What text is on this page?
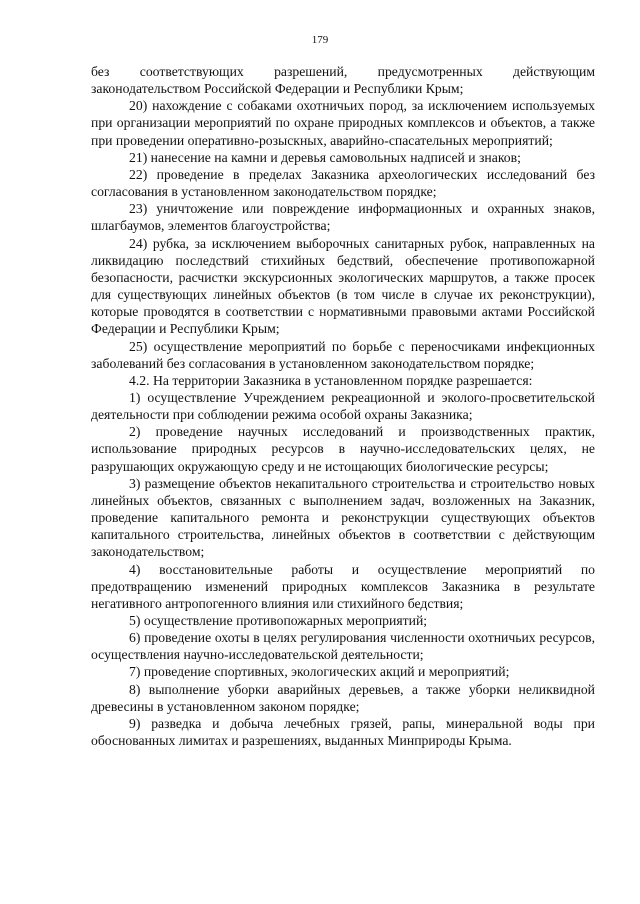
179

без соответствующих разрешений, предусмотренных действующим законодательством Российской Федерации и Республики Крым;

20) нахождение с собаками охотничьих пород, за исключением используемых при организации мероприятий по охране природных комплексов и объектов, а также при проведении оперативно-розыскных, аварийно-спасательных мероприятий;

21) нанесение на камни и деревья самовольных надписей и знаков;

22) проведение в пределах Заказника археологических исследований без согласования в установленном законодательством порядке;

23) уничтожение или повреждение информационных и охранных знаков, шлагбаумов, элементов благоустройства;

24) рубка, за исключением выборочных санитарных рубок, направленных на ликвидацию последствий стихийных бедствий, обеспечение противопожарной безопасности, расчистки экскурсионных экологических маршрутов, а также просек для существующих линейных объектов (в том числе в случае их реконструкции), которые проводятся в соответствии с нормативными правовыми актами Российской Федерации и Республики Крым;

25) осуществление мероприятий по борьбе с переносчиками инфекционных заболеваний без согласования в установленном законодательством порядке;

4.2. На территории Заказника в установленном порядке разрешается:

1) осуществление Учреждением рекреационной и эколого-просветительской деятельности при соблюдении режима особой охраны Заказника;

2) проведение научных исследований и производственных практик, использование природных ресурсов в научно-исследовательских целях, не разрушающих окружающую среду и не истощающих биологические ресурсы;

3) размещение объектов некапитального строительства и строительство новых линейных объектов, связанных с выполнением задач, возложенных на Заказник, проведение капитального ремонта и реконструкции существующих объектов капитального строительства, линейных объектов в соответствии с действующим законодательством;

4) восстановительные работы и осуществление мероприятий по предотвращению изменений природных комплексов Заказника в результате негативного антропогенного влияния или стихийного бедствия;

5) осуществление противопожарных мероприятий;

6) проведение охоты в целях регулирования численности охотничьих ресурсов, осуществления научно-исследовательской деятельности;

7) проведение спортивных, экологических акций и мероприятий;

8) выполнение уборки аварийных деревьев, а также уборки неликвидной древесины в установленном законом порядке;

9) разведка и добыча лечебных грязей, рапы, минеральной воды при обоснованных лимитах и разрешениях, выданных Минприроды Крыма.
